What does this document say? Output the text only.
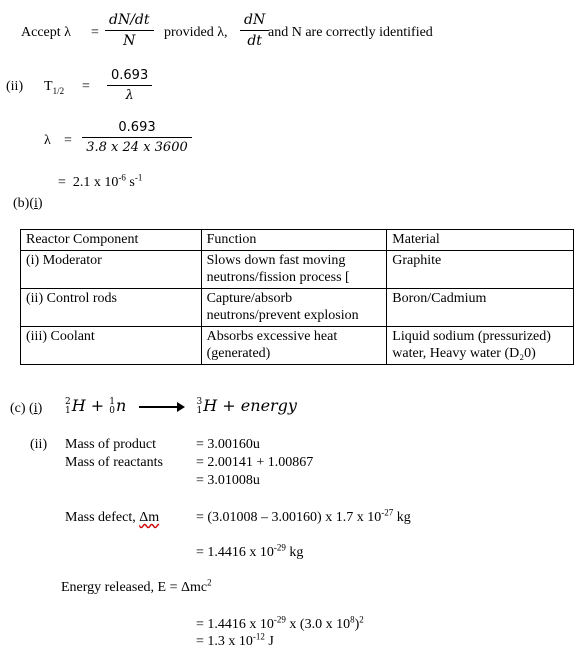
Accept λ =
dN/dt
N
provided λ,
dN
dt
and N are correctly identified
(ii) $T_{1/2}$ =
0.693
λ
λ =
0.693
3.8 x 24 x 3600
= 2.1 x $10^{-6}$ $s^{-1}$
(b)(i)
Reactor Component	Function	Material
(i) Moderator	Slows down fast moving neutrons/fission process [	Graphite
(ii) Control rods	Capture/absorb neutrons/prevent explosion	Boron/Cadmium
(iii) Coolant	Absorbs excessive heat (generated)	Liquid sodium (pressurized) water, Heavy water (D₂0)
(c) (i)	2
1 H + 1
0 n → 3
1 H + energy
(ii) Mass of product	= 3.00160u
Mass of reactants = 2.00141 + 1.00867
= 3.01008u
Mass defect, Δm	= (3.01008 – 3.00160) x 1.7 x $10^{-27}$ kg
= 1.4416 x $10^{-29}$ kg
Energy released, E = Δmc$^2$
= 1.4416 x $10^{-29}$ x (3.0 x $10^8)^2$
= 1.3 x $10^{-12}$ J
